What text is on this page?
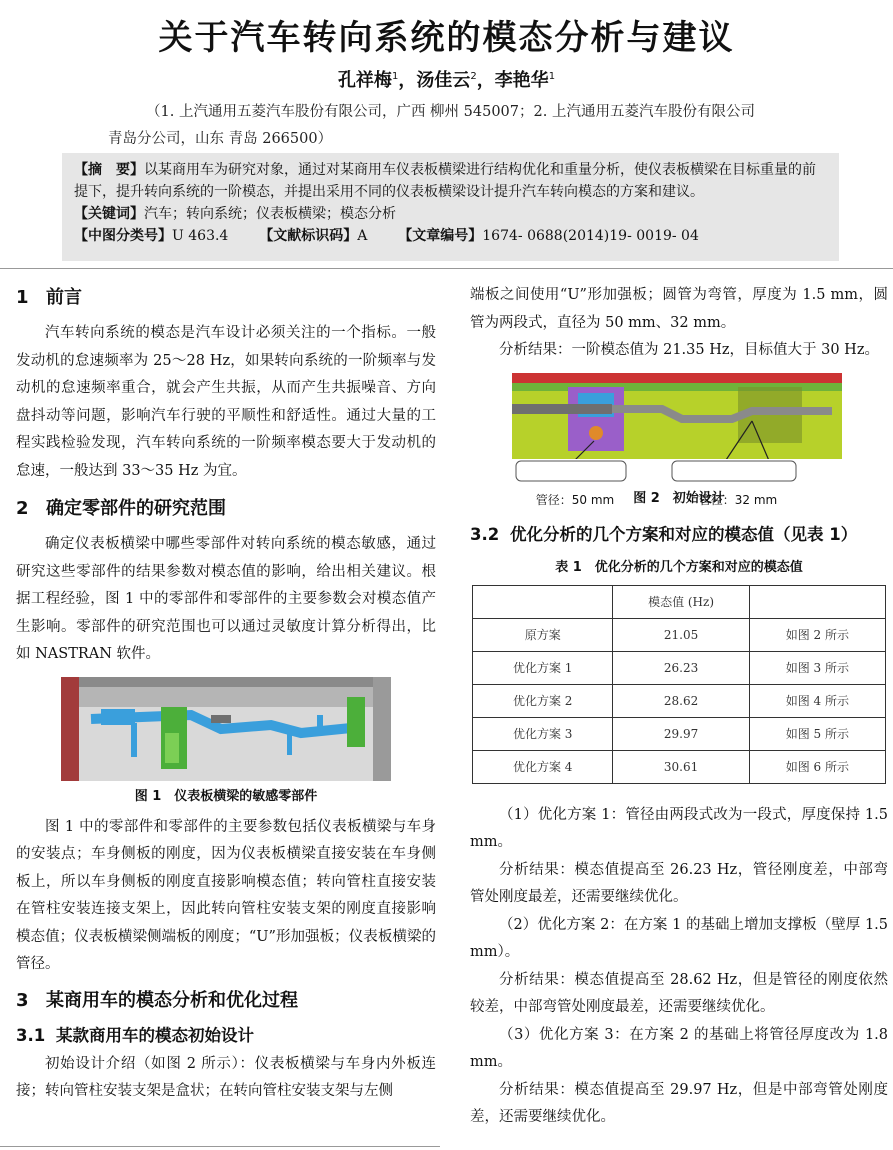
关于汽车转向系统的模态分析与建议
孔祥梅$^1$，汤佳云$^2$，李艳华$^1$
（1. 上汽通用五菱汽车股份有限公司，广西 柳州 545007；2. 上汽通用五菱汽车股份有限公司
青岛分公司，山东 青岛 266500）
【摘　要】以某商用车为研究对象，通过对某商用车仪表板横梁进行结构优化和重量分析，使仪表板横梁在目标重量的前提下，提升转向系统的一阶模态，并提出采用不同的仪表板横梁设计提升汽车转向模态的方案和建议。
【关键词】汽车；转向系统；仪表板横梁；模态分析
【中图分类号】U 463.4 【文献标识码】A 【文章编号】1674- 0688(2014)19- 0019- 04
1 前言

汽车转向系统的模态是汽车设计必须关注的一个指标。一般发动机的怠速频率为 25～28 Hz，如果转向系统的一阶频率与发动机的怠速频率重合，就会产生共振，从而产生共振噪音、方向盘抖动等问题，影响汽车行驶的平顺性和舒适性。通过大量的工程实践检验发现，汽车转向系统的一阶频率模态要大于发动机的怠速，一般达到 33～35 Hz 为宜。

2 确定零部件的研究范围

确定仪表板横梁中哪些零部件对转向系统的模态敏感，通过研究这些零部件的结果参数对模态值的影响，给出相关建议。根据工程经验，图 1 中的零部件和零部件的主要参数会对模态值产生影响。零部件的研究范围也可以通过灵敏度计算分析得出，比如 NASTRAN 软件。

图 1　仪表板横梁的敏感零部件

图 1 中的零部件和零部件的主要参数包括仪表板横梁与车身的安装点；车身侧板的刚度，因为仪表板横梁直接安装在车身侧板上，所以车身侧板的刚度直接影响模态值；转向管柱直接安装在管柱安装连接支架上，因此转向管柱安装支架的刚度直接影响模态值；仪表板横梁侧端板的刚度；“U”形加强板；仪表板横梁的管径。

3 某商用车的模态分析和优化过程
3.1 某款商用车的模态初始设计

初始设计介绍（如图 2 所示）：仪表板横梁与车身内外板连接；转向管柱安装支架是盒状；在转向管柱安装支架与左侧

端板之间使用“U”形加强板；圆管为弯管，厚度为 1.5 mm，圆管为两段式，直径为 50 mm、32 mm。

分析结果：一阶模态值为 21.35 Hz，目标值大于 30 Hz。

管径：50 mm	管径：32 mm
图 2　初始设计
3.2 优化分析的几个方案和对应的模态值（见表 1）
表 1　优化分析的几个方案和对应的模态值
	模态值 (Hz)	
原方案	21.05	如图 2 所示
优化方案 1	26.23	如图 3 所示
优化方案 2	28.62	如图 4 所示
优化方案 3	29.97	如图 5 所示
优化方案 4	30.61	如图 6 所示

（1）优化方案 1：管径由两段式改为一段式，厚度保持 1.5 mm。

分析结果：模态值提高至 26.23 Hz，管径刚度差，中部弯管处刚度最差，还需要继续优化。

（2）优化方案 2：在方案 1 的基础上增加支撑板（壁厚 1.5 mm）。

分析结果：模态值提高至 28.62 Hz，但是管径的刚度依然较差，中部弯管处刚度最差，还需要继续优化。

（3）优化方案 3：在方案 2 的基础上将管径厚度改为 1.8 mm。

分析结果：模态值提高至 29.97 Hz，但是中部弯管处刚度差，还需要继续优化。
